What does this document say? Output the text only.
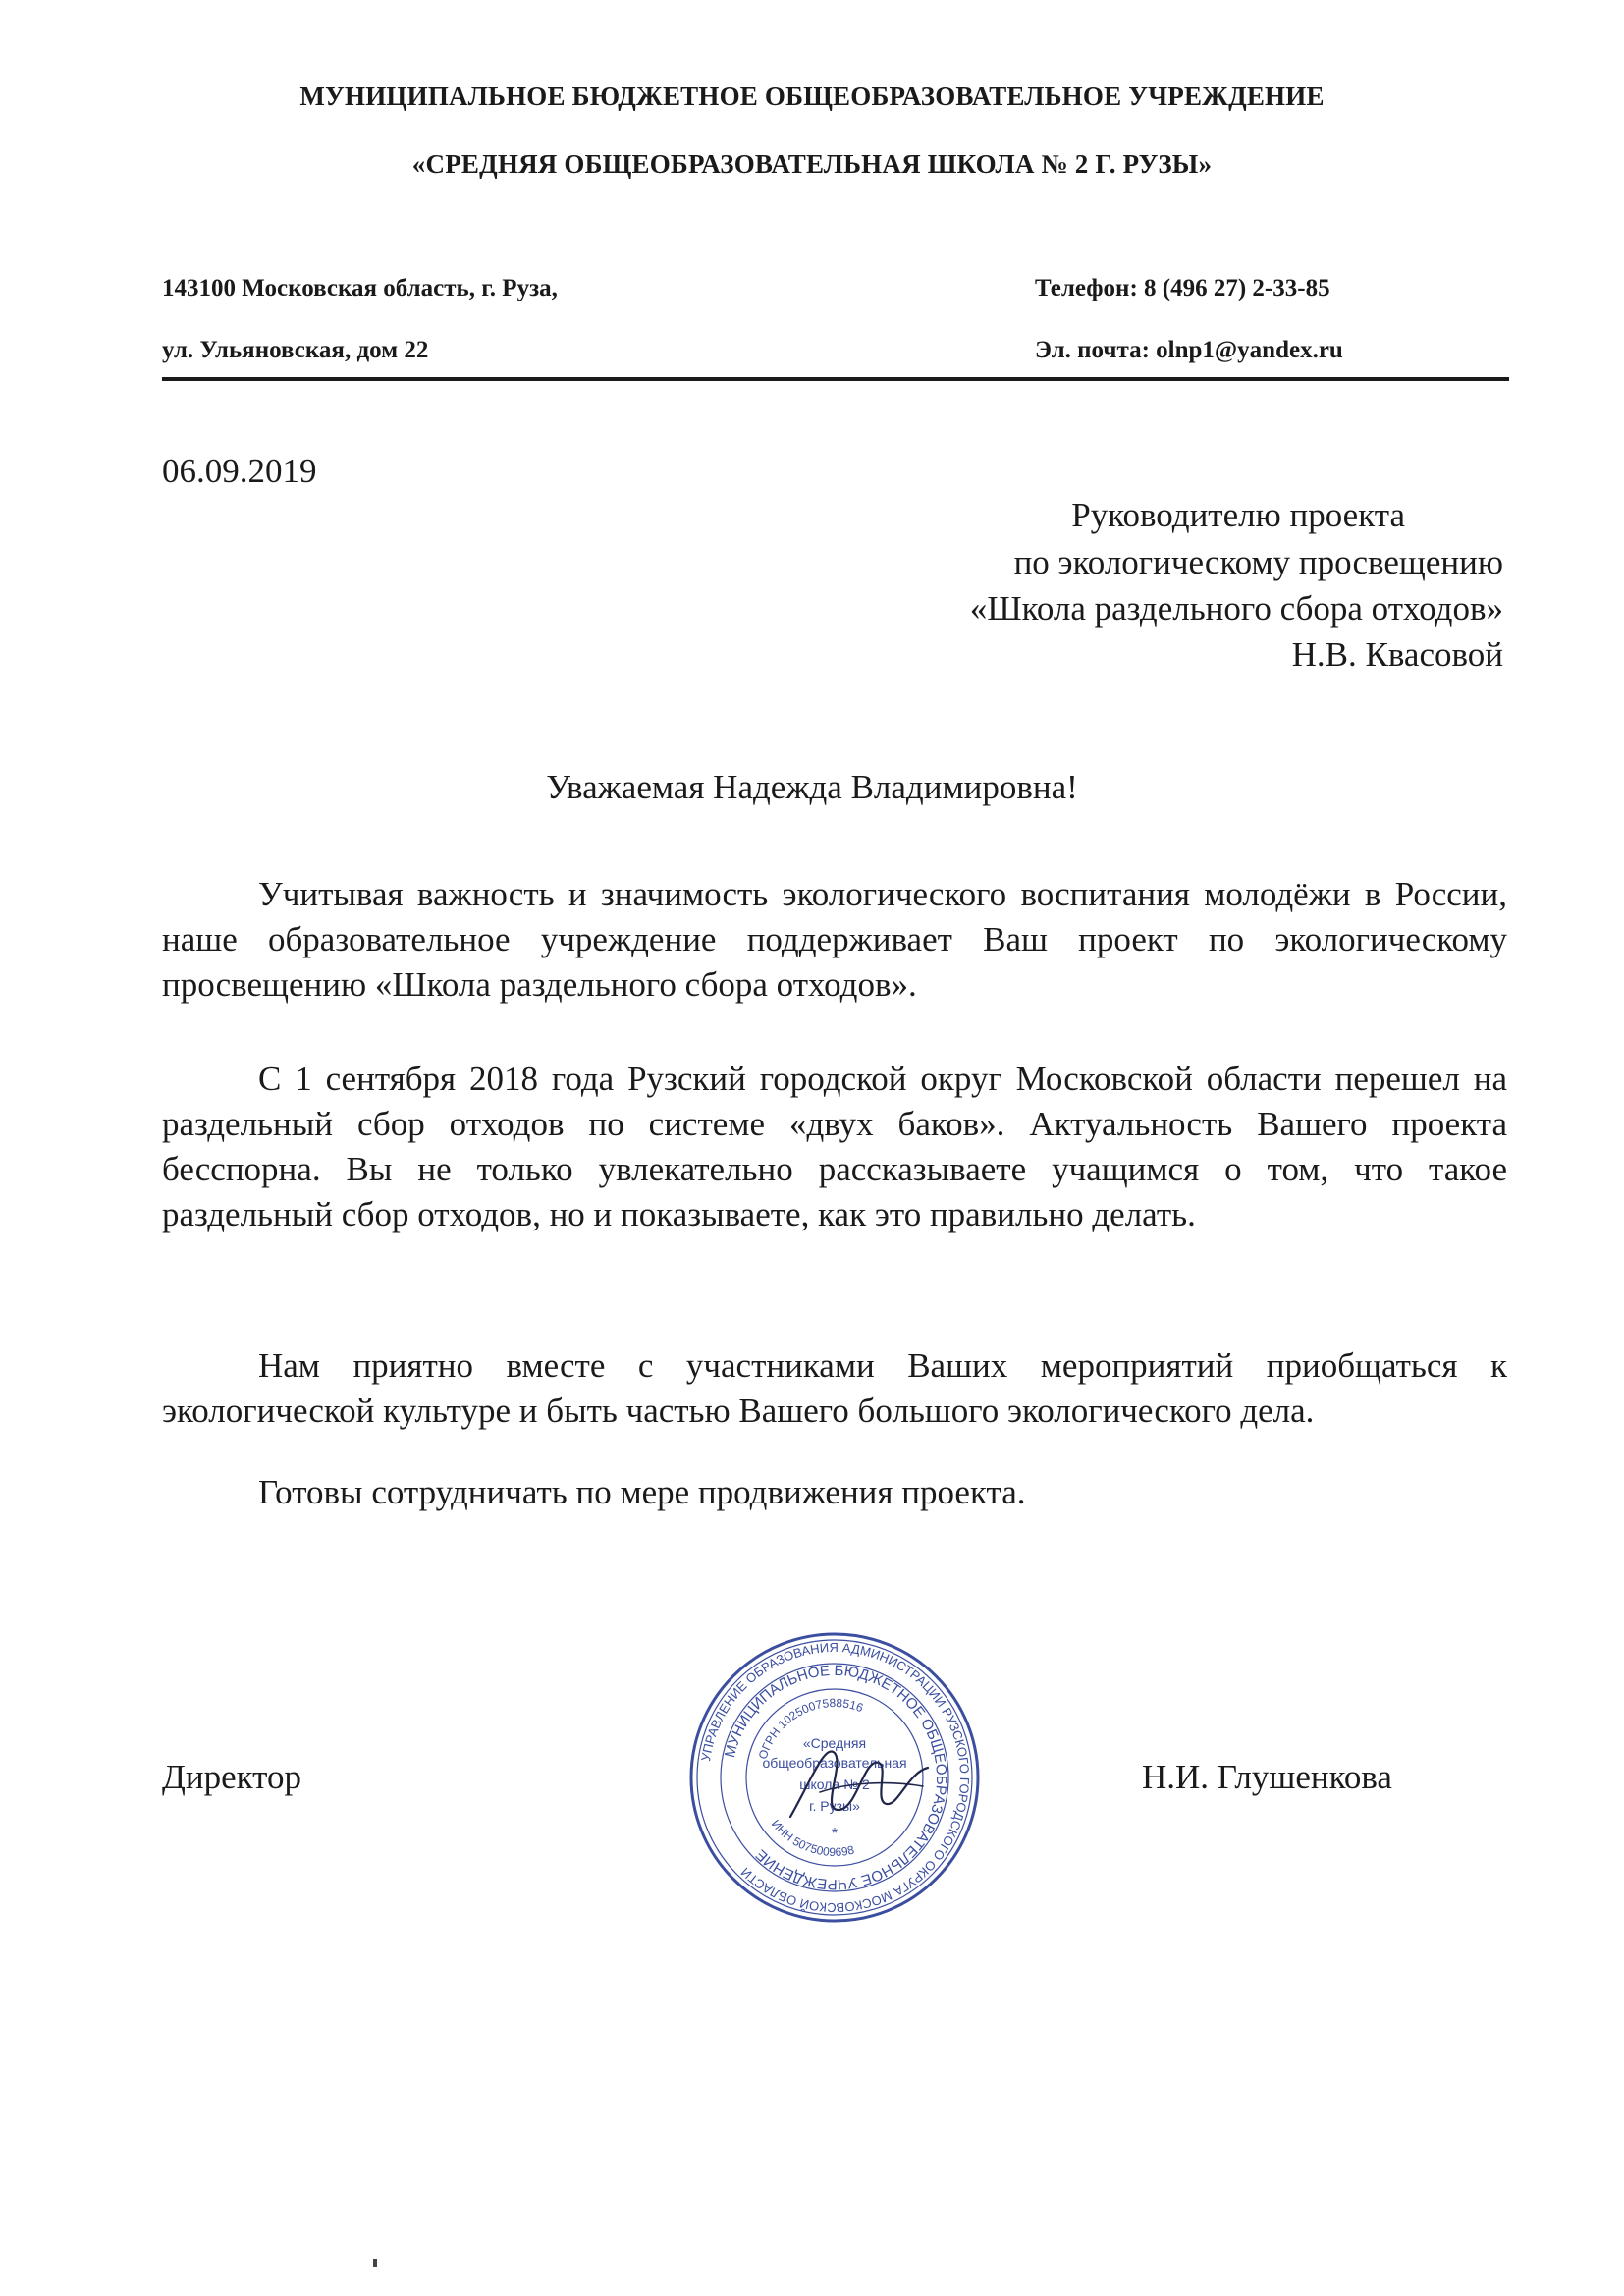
МУНИЦИПАЛЬНОЕ БЮДЖЕТНОЕ ОБЩЕОБРАЗОВАТЕЛЬНОЕ УЧРЕЖДЕНИЕ
«СРЕДНЯЯ ОБЩЕОБРАЗОВАТЕЛЬНАЯ ШКОЛА № 2 Г. РУЗЫ»
143100 Московская область, г. Руза,
ул. Ульяновская, дом 22
Телефон: 8 (496 27) 2-33-85
Эл. почта: olnp1@yandex.ru
06.09.2019
Руководителю проекта
по экологическому просвещению
«Школа раздельного сбора отходов»
Н.В. Квасовой
Уважаемая Надежда Владимировна!

Учитывая важность и значимость экологического воспитания молодёжи в России, наше образовательное учреждение поддерживает Ваш проект по экологическому просвещению «Школа раздельного сбора отходов».

С 1 сентября 2018 года Рузский городской округ Московской области перешел на раздельный сбор отходов по системе «двух баков». Актуальность Вашего проекта бесспорна. Вы не только увлекательно рассказываете учащимся о том, что такое раздельный сбор отходов, но и показываете, как это правильно делать.

Нам приятно вместе с участниками Ваших мероприятий приобщаться к экологической культуре и быть частью Вашего большого экологического дела.

Готовы сотрудничать по мере продвижения проекта.

Директор	Н.И. Глушенкова
УПРАВЛЕНИЕ ОБРАЗОВАНИЯ АДМИНИСТРАЦИИ РУЗСКОГО ГОРОДСКОГО ОКРУГА МОСКОВСКОЙ ОБЛАСТИ
МУНИЦИПАЛЬНОЕ БЮДЖЕТНОЕ ОБЩЕОБРАЗОВАТЕЛЬНОЕ УЧРЕЖДЕНИЕ
ОГРН 1025007588516
ИНН 5075009698
«Средняя
общеобразовательная
школа № 2
г. Рузы»
*
